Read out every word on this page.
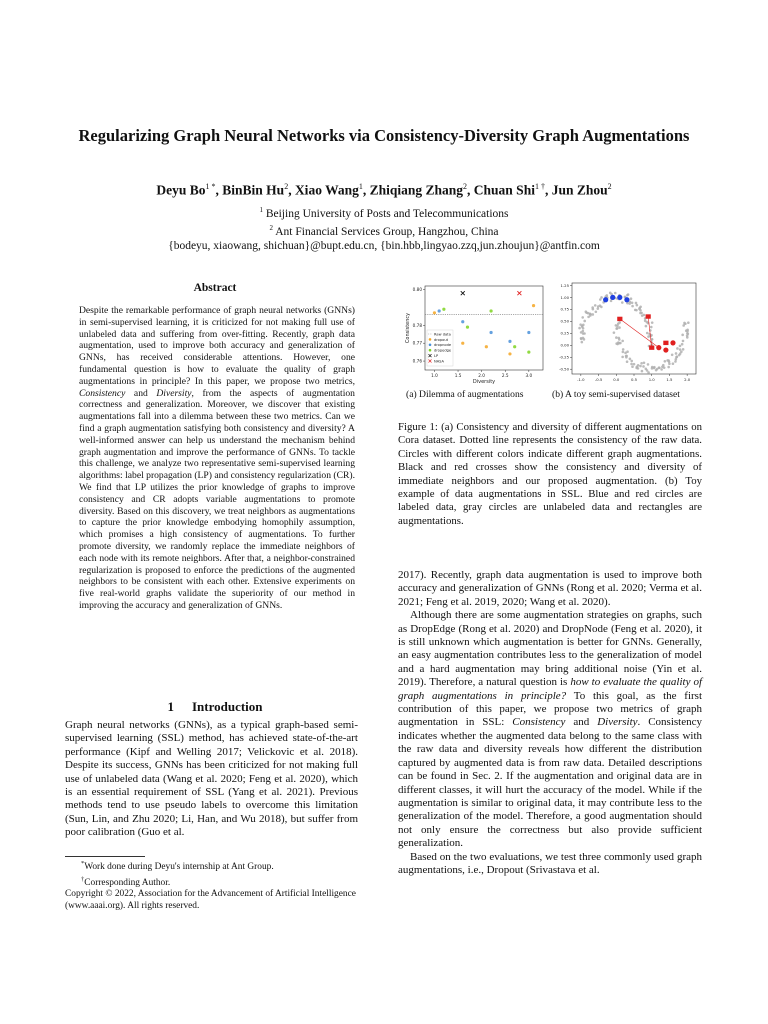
Regularizing Graph Neural Networks via Consistency-Diversity Graph Augmentations
Deyu $Bo^{1 *}$, BinBin Hu$^2$, Xiao Wang$^1$, Zhiqiang Zhang$^2$, Chuan Shi$^{1 \dagger}$, Jun Zhou$^2$
$^1$ Beijing University of Posts and Telecommunications
$^2$ Ant Financial Services Group, Hangzhou, China
{bodeyu, xiaowang, shichuan}@bupt.edu.cn, {bin.hbb,lingyao.zzq,jun.zhoujun}@antfin.com
Abstract

Despite the remarkable performance of graph neural networks (GNNs) in semi-supervised learning, it is criticized for not making full use of unlabeled data and suffering from over-fitting. Recently, graph data augmentation, used to improve both accuracy and generalization of GNNs, has received considerable attentions. However, one fundamental question is how to evaluate the quality of graph augmentations in principle? In this paper, we propose two metrics, Consistency and Diversity, from the aspects of augmentation correctness and generalization. Moreover, we discover that existing augmentations fall into a dilemma between these two metrics. Can we find a graph augmentation satisfying both consistency and diversity? A well-informed answer can help us understand the mechanism behind graph augmentation and improve the performance of GNNs. To tackle this challenge, we analyze two representative semi-supervised learning algorithms: label propagation (LP) and consistency regularization (CR). We find that LP utilizes the prior knowledge of graphs to improve consistency and CR adopts variable augmentations to promote diversity. Based on this discovery, we treat neighbors as augmentations to capture the prior knowledge embodying homophily assumption, which promises a high consistency of augmentations. To further promote diversity, we randomly replace the immediate neighbors of each node with its remote neighbors. After that, a neighbor-constrained regularization is proposed to enforce the predictions of the augmented neighbors to be consistent with each other. Extensive experiments on five real-world graphs validate the superiority of our method in improving the accuracy and generalization of GNNs.

1 Introduction

Graph neural networks (GNNs), as a typical graph-based semi-supervised learning (SSL) method, has achieved state-of-the-art performance (Kipf and Welling 2017; Velickovic et al. 2018). Despite its success, GNNs has been criticized for not making full use of unlabeled data (Wang et al. 2020; Feng et al. 2020), which is an essential requirement of SSL (Yang et al. 2021). Previous methods tend to use pseudo labels to overcome this limitation (Sun, Lin, and Zhu 2020; Li, Han, and Wu 2018), but suffer from poor calibration (Guo et al.

*Work done during Deyu's internship at Ant Group.
†Corresponding Author.
Copyright © 2022, Association for the Advancement of Artificial Intelligence (www.aaai.org). All rights reserved.
1.0	1.5	2.0	2.5	3.0
0.80
0.78
0.77
0.76
Diversity
Consistency	Raw data
dropout
dropnode
dropedge
LP
NASA
-1.0	-0.5	0.0	0.5	1.0	1.5	2.0
1.25
1.00
0.75
0.50
0.25
0.00
-0.25
-0.50
(a) Dilemma of augmentations	(b) A toy semi-supervised dataset

Figure 1: (a) Consistency and diversity of different augmentations on Cora dataset. Dotted line represents the consistency of the raw data. Circles with different colors indicate different graph augmentations. Black and red crosses show the consistency and diversity of immediate neighbors and our proposed augmentation. (b) Toy example of data augmentations in SSL. Blue and red circles are labeled data, gray circles are unlabeled data and rectangles are augmentations.

2017). Recently, graph data augmentation is used to improve both accuracy and generalization of GNNs (Rong et al. 2020; Verma et al. 2021; Feng et al. 2019, 2020; Wang et al. 2020).

Although there are some augmentation strategies on graphs, such as DropEdge (Rong et al. 2020) and DropNode (Feng et al. 2020), it is still unknown which augmentation is better for GNNs. Generally, an easy augmentation contributes less to the generalization of model and a hard augmentation may bring additional noise (Yin et al. 2019). Therefore, a natural question is how to evaluate the quality of graph augmentations in principle? To this goal, as the first contribution of this paper, we propose two metrics of graph augmentation in SSL: Consistency and Diversity. Consistency indicates whether the augmented data belong to the same class with the raw data and diversity reveals how different the distribution captured by augmented data is from raw data. Detailed descriptions can be found in Sec. 2. If the augmentation and original data are in different classes, it will hurt the accuracy of the model. While if the augmentation is similar to original data, it may contribute less to the generalization of the model. Therefore, a good augmentation should not only ensure the correctness but also provide sufficient generalization.

Based on the two evaluations, we test three commonly used graph augmentations, i.e., Dropout (Srivastava et al.
